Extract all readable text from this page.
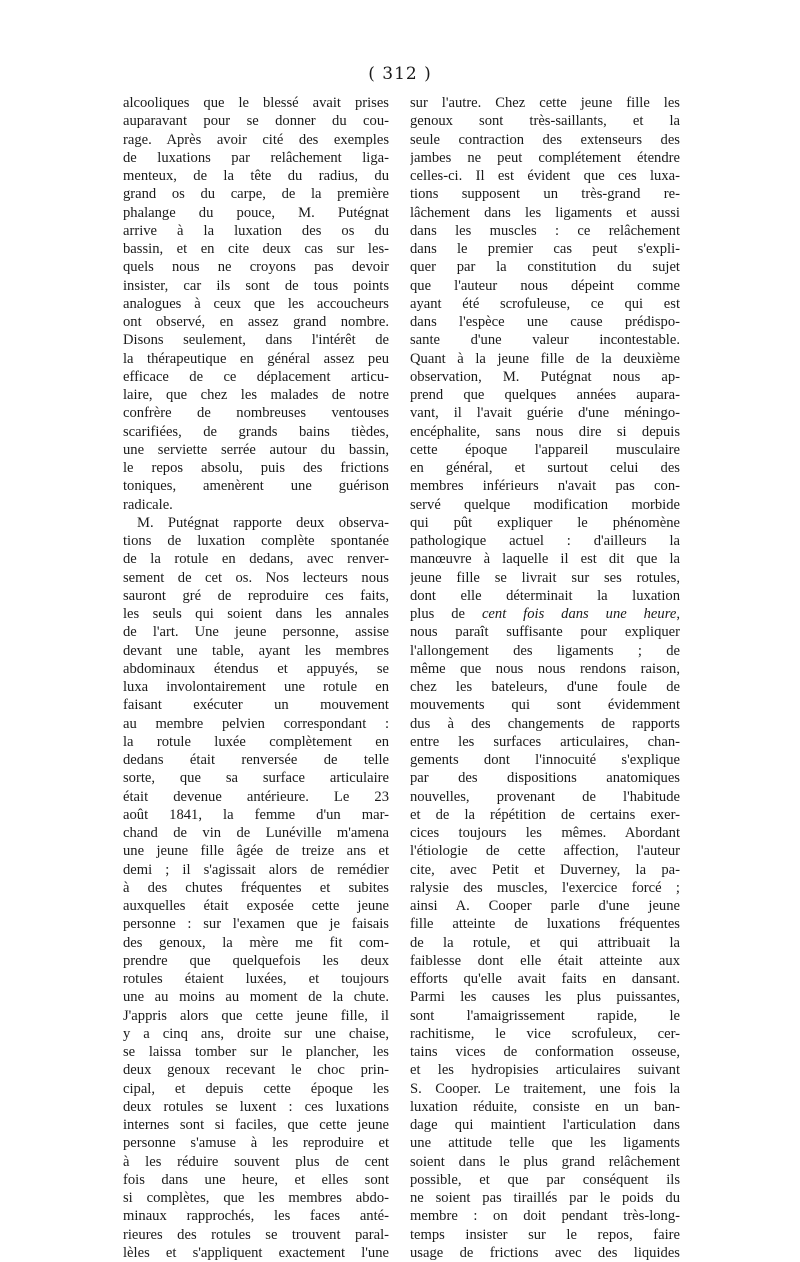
( 312 )
alcooliques que le blessé avait prises
auparavant pour se donner du cou-
rage. Après avoir cité des exemples
de luxations par relâchement liga-
menteux, de la tête du radius, du
grand os du carpe, de la première
phalange du pouce, M. Putégnat
arrive à la luxation des os du
bassin, et en cite deux cas sur les-
quels nous ne croyons pas devoir
insister, car ils sont de tous points
analogues à ceux que les accoucheurs
ont observé, en assez grand nombre.
Disons seulement, dans l'intérêt de
la thérapeutique en général assez peu
efficace de ce déplacement articu-
laire, que chez les malades de notre
confrère de nombreuses ventouses
scarifiées, de grands bains tièdes,
une serviette serrée autour du bassin,
le repos absolu, puis des frictions
toniques, amenèrent une guérison
radicale.
M. Putégnat rapporte deux observa-
tions de luxation complète spontanée
de la rotule en dedans, avec renver-
sement de cet os. Nos lecteurs nous
sauront gré de reproduire ces faits,
les seuls qui soient dans les annales
de l'art. Une jeune personne, assise
devant une table, ayant les membres
abdominaux étendus et appuyés, se
luxa involontairement une rotule en
faisant exécuter un mouvement
au membre pelvien correspondant :
la rotule luxée complètement en
dedans était renversée de telle
sorte, que sa surface articulaire
était devenue antérieure. Le 23
août 1841, la femme d'un mar-
chand de vin de Lunéville m'amena
une jeune fille âgée de treize ans et
demi ; il s'agissait alors de remédier
à des chutes fréquentes et subites
auxquelles était exposée cette jeune
personne : sur l'examen que je faisais
des genoux, la mère me fit com-
prendre que quelquefois les deux
rotules étaient luxées, et toujours
une au moins au moment de la chute.
J'appris alors que cette jeune fille, il
y a cinq ans, droite sur une chaise,
se laissa tomber sur le plancher, les
deux genoux recevant le choc prin-
cipal, et depuis cette époque les
deux rotules se luxent : ces luxations
internes sont si faciles, que cette jeune
personne s'amuse à les reproduire et
à les réduire souvent plus de cent
fois dans une heure, et elles sont
si complètes, que les membres abdo-
minaux rapprochés, les faces anté-
rieures des rotules se trouvent paral-
lèles et s'appliquent exactement l'une
sur l'autre. Chez cette jeune fille les
genoux sont très-saillants, et la
seule contraction des extenseurs des
jambes ne peut complétement étendre
celles-ci. Il est évident que ces luxa-
tions supposent un très-grand re-
lâchement dans les ligaments et aussi
dans les muscles : ce relâchement
dans le premier cas peut s'expli-
quer par la constitution du sujet
que l'auteur nous dépeint comme
ayant été scrofuleuse, ce qui est
dans l'espèce une cause prédispo-
sante d'une valeur incontestable.
Quant à la jeune fille de la deuxième
observation, M. Putégnat nous ap-
prend que quelques années aupara-
vant, il l'avait guérie d'une méningo-
encéphalite, sans nous dire si depuis
cette époque l'appareil musculaire
en général, et surtout celui des
membres inférieurs n'avait pas con-
servé quelque modification morbide
qui pût expliquer le phénomène
pathologique actuel : d'ailleurs la
manœuvre à laquelle il est dit que la
jeune fille se livrait sur ses rotules,
dont elle déterminait la luxation
plus de cent fois dans une heure,
nous paraît suffisante pour expliquer
l'allongement des ligaments ; de
même que nous nous rendons raison,
chez les bateleurs, d'une foule de
mouvements qui sont évidemment
dus à des changements de rapports
entre les surfaces articulaires, chan-
gements dont l'innocuité s'explique
par des dispositions anatomiques
nouvelles, provenant de l'habitude
et de la répétition de certains exer-
cices toujours les mêmes. Abordant
l'étiologie de cette affection, l'auteur
cite, avec Petit et Duverney, la pa-
ralysie des muscles, l'exercice forcé ;
ainsi A. Cooper parle d'une jeune
fille atteinte de luxations fréquentes
de la rotule, et qui attribuait la
faiblesse dont elle était atteinte aux
efforts qu'elle avait faits en dansant.
Parmi les causes les plus puissantes,
sont l'amaigrissement rapide, le
rachitisme, le vice scrofuleux, cer-
tains vices de conformation osseuse,
et les hydropisies articulaires suivant
S. Cooper. Le traitement, une fois la
luxation réduite, consiste en un ban-
dage qui maintient l'articulation dans
une attitude telle que les ligaments
soient dans le plus grand relâchement
possible, et que par conséquent ils
ne soient pas tiraillés par le poids du
membre : on doit pendant très-long-
temps insister sur le repos, faire
usage de frictions avec des liquides
